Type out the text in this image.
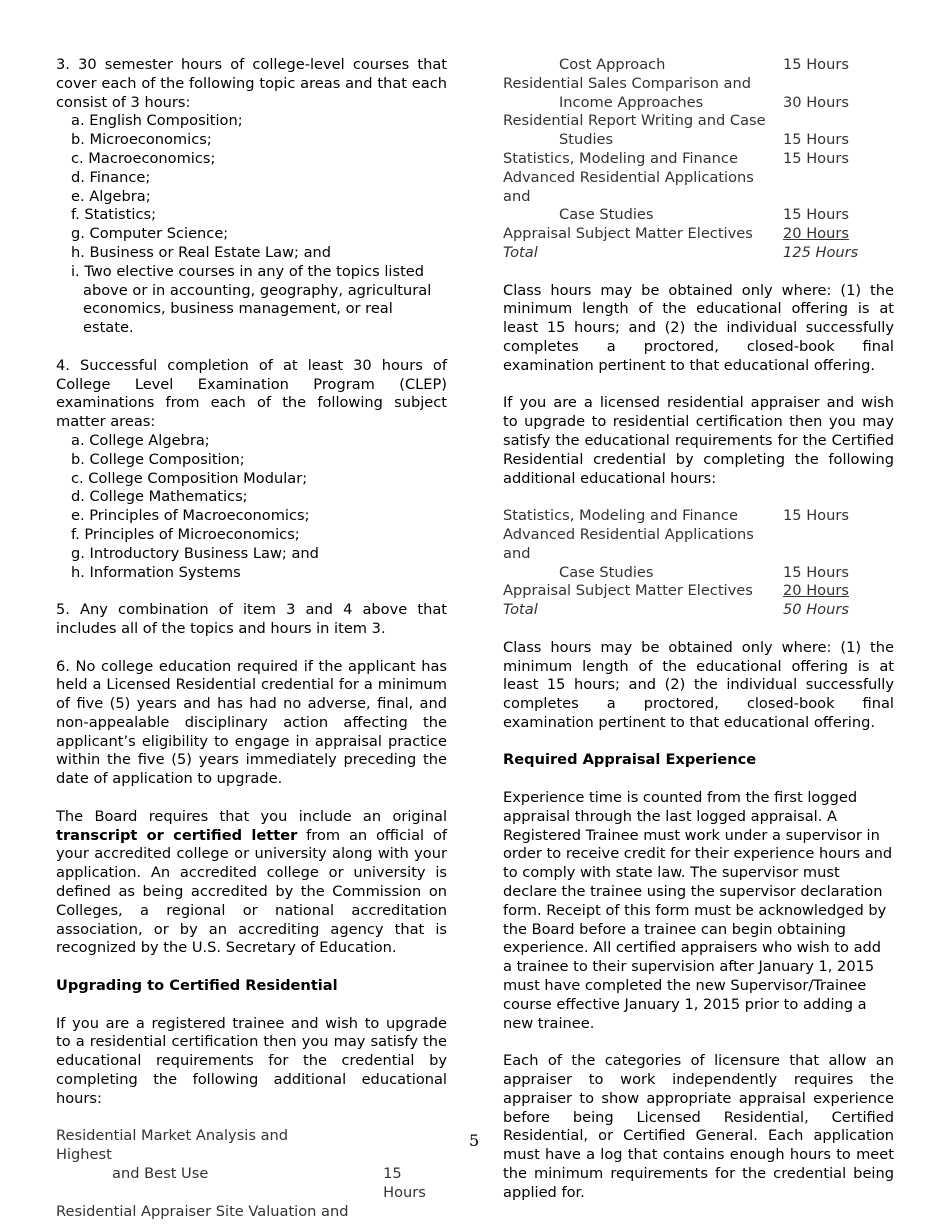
3. 30 semester hours of college-level courses that cover each of the following topic areas and that each consist of 3 hours:

a. English Composition;
b. Microeconomics;
c. Macroeconomics;
d. Finance;
e. Algebra;
f. Statistics;
g. Computer Science;
h. Business or Real Estate Law; and
i. Two elective courses in any of the topics listed above or in accounting, geography, agricultural economics, business management, or real estate.

4. Successful completion of at least 30 hours of College Level Examination Program (CLEP) examinations from each of the following subject matter areas:

a. College Algebra;
b. College Composition;
c. College Composition Modular;
d. College Mathematics;
e. Principles of Macroeconomics;
f. Principles of Microeconomics;
g. Introductory Business Law; and
h. Information Systems

5. Any combination of item 3 and 4 above that includes all of the topics and hours in item 3.

6. No college education required if the applicant has held a Licensed Residential credential for a minimum of five (5) years and has had no adverse, final, and non-appealable disciplinary action affecting the applicant’s eligibility to engage in appraisal practice within the five (5) years immediately preceding the date of application to upgrade.

The Board requires that you include an original transcript or certified letter from an official of your accredited college or university along with your application. An accredited college or university is defined as being accredited by the Commission on Colleges, a regional or national accreditation association, or by an accrediting agency that is recognized by the U.S. Secretary of Education.

Upgrading to Certified Residential

If you are a registered trainee and wish to upgrade to a residential certification then you may satisfy the educational requirements for the credential by completing the following additional educational hours:

Residential Market Analysis and Highest
and Best Use	15 Hours
Residential Appraiser Site Valuation and
Cost Approach	15 Hours
Residential Sales Comparison and
Income Approaches	30 Hours
Residential Report Writing and Case
Studies	15 Hours
Statistics, Modeling and Finance	15 Hours
Advanced Residential Applications and
Case Studies	15 Hours
Appraisal Subject Matter Electives	20 Hours
Total	125 Hours

Class hours may be obtained only where: (1) the minimum length of the educational offering is at least 15 hours; and (2) the individual successfully completes a proctored, closed-book final examination pertinent to that educational offering.

If you are a licensed residential appraiser and wish to upgrade to residential certification then you may satisfy the educational requirements for the Certified Residential credential by completing the following additional educational hours:

Statistics, Modeling and Finance	15 Hours
Advanced Residential Applications and
Case Studies	15 Hours
Appraisal Subject Matter Electives	20 Hours
Total	50 Hours

Class hours may be obtained only where: (1) the minimum length of the educational offering is at least 15 hours; and (2) the individual successfully completes a proctored, closed-book final examination pertinent to that educational offering.

Required Appraisal Experience

Experience time is counted from the first logged appraisal through the last logged appraisal. A Registered Trainee must work under a supervisor in order to receive credit for their experience hours and to comply with state law. The supervisor must declare the trainee using the supervisor declaration form. Receipt of this form must be acknowledged by the Board before a trainee can begin obtaining experience. All certified appraisers who wish to add a trainee to their supervision after January 1, 2015 must have completed the new Supervisor/Trainee course effective January 1, 2015 prior to adding a new trainee.

Each of the categories of licensure that allow an appraiser to work independently requires the appraiser to show appropriate appraisal experience before being Licensed Residential, Certified Residential, or Certified General. Each application must have a log that contains enough hours to meet the minimum requirements for the credential being applied for.

5
